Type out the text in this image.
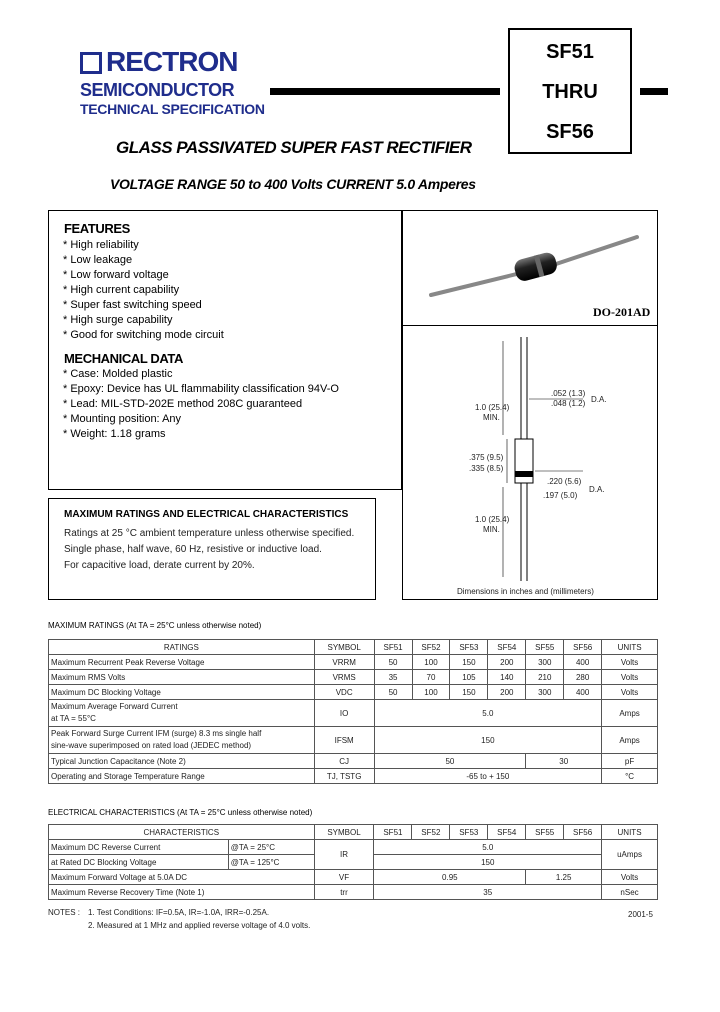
RECTRON
SEMICONDUCTOR
TECHNICAL SPECIFICATION
SF51
THRU
SF56
GLASS PASSIVATED SUPER FAST RECTIFIER
VOLTAGE RANGE 50 to 400 Volts CURRENT 5.0 Amperes
FEATURES
* High reliability
* Low leakage
* Low forward voltage
* High current capability
* Super fast switching speed
* High surge capability
* Good for switching mode circuit
MECHANICAL DATA
* Case: Molded plastic
* Epoxy: Device has UL flammability classification 94V-O
* Lead: MIL-STD-202E method 208C guaranteed
* Mounting position: Any
* Weight: 1.18 grams
DO-201AD
.052 (1.3)
.048 (1.2) D.A.
1.0 (25.4)
MIN.
.375 (9.5)
.335 (8.5)
.220 (5.6)
.197 (5.0)
D.A.
1.0 (25.4)
MIN.
Dimensions in inches and (millimeters)
MAXIMUM RATINGS AND ELECTRICAL CHARACTERISTICS
Ratings at 25 °C ambient temperature unless otherwise specified.
Single phase, half wave, 60 Hz, resistive or inductive load.
For capacitive load, derate current by 20%.
MAXIMUM RATINGS (At TA = 25°C unless otherwise noted)
RATINGS	SYMBOL	SF51	SF52	SF53	SF54	SF55	SF56	UNITS
Maximum Recurrent Peak Reverse Voltage	VRRM	50	100	150	200	300	400	Volts
Maximum RMS Volts	VRMS	35	70	105	140	210	280	Volts
Maximum DC Blocking Voltage	VDC	50	100	150	200	300	400	Volts

Maximum Average Forward Current
at TA = 55°C	IO	5.0						Amps

Peak Forward Surge Current IFM (surge) 8.3 ms single half
sine-wave superimposed on rated load (JEDEC method)	IFSM	150						Amps
Typical Junction Capacitance (Note 2)	CJ	50				30		pF
Operating and Storage Temperature Range	TJ, TSTG	-65 to + 150						°C
ELECTRICAL CHARACTERISTICS (At TA = 25°C unless otherwise noted)
CHARACTERISTICS		SYMBOL	SF51	SF52	SF53	SF54	SF55	SF56	UNITS
Maximum DC Reverse Current	@TA = 25°C	IR	5.0						uAmps
at Rated DC Blocking Voltage	@TA = 125°C		150						
Maximum Forward Voltage at 5.0A DC		VF	0.95				1.25		Volts
Maximum Reverse Recovery Time (Note 1)		trr	35						nSec
NOTES : 1. Test Conditions: IF=0.5A, IR=-1.0A, IRR=-0.25A.
2. Measured at 1 MHz and applied reverse voltage of 4.0 volts.
2001-5
